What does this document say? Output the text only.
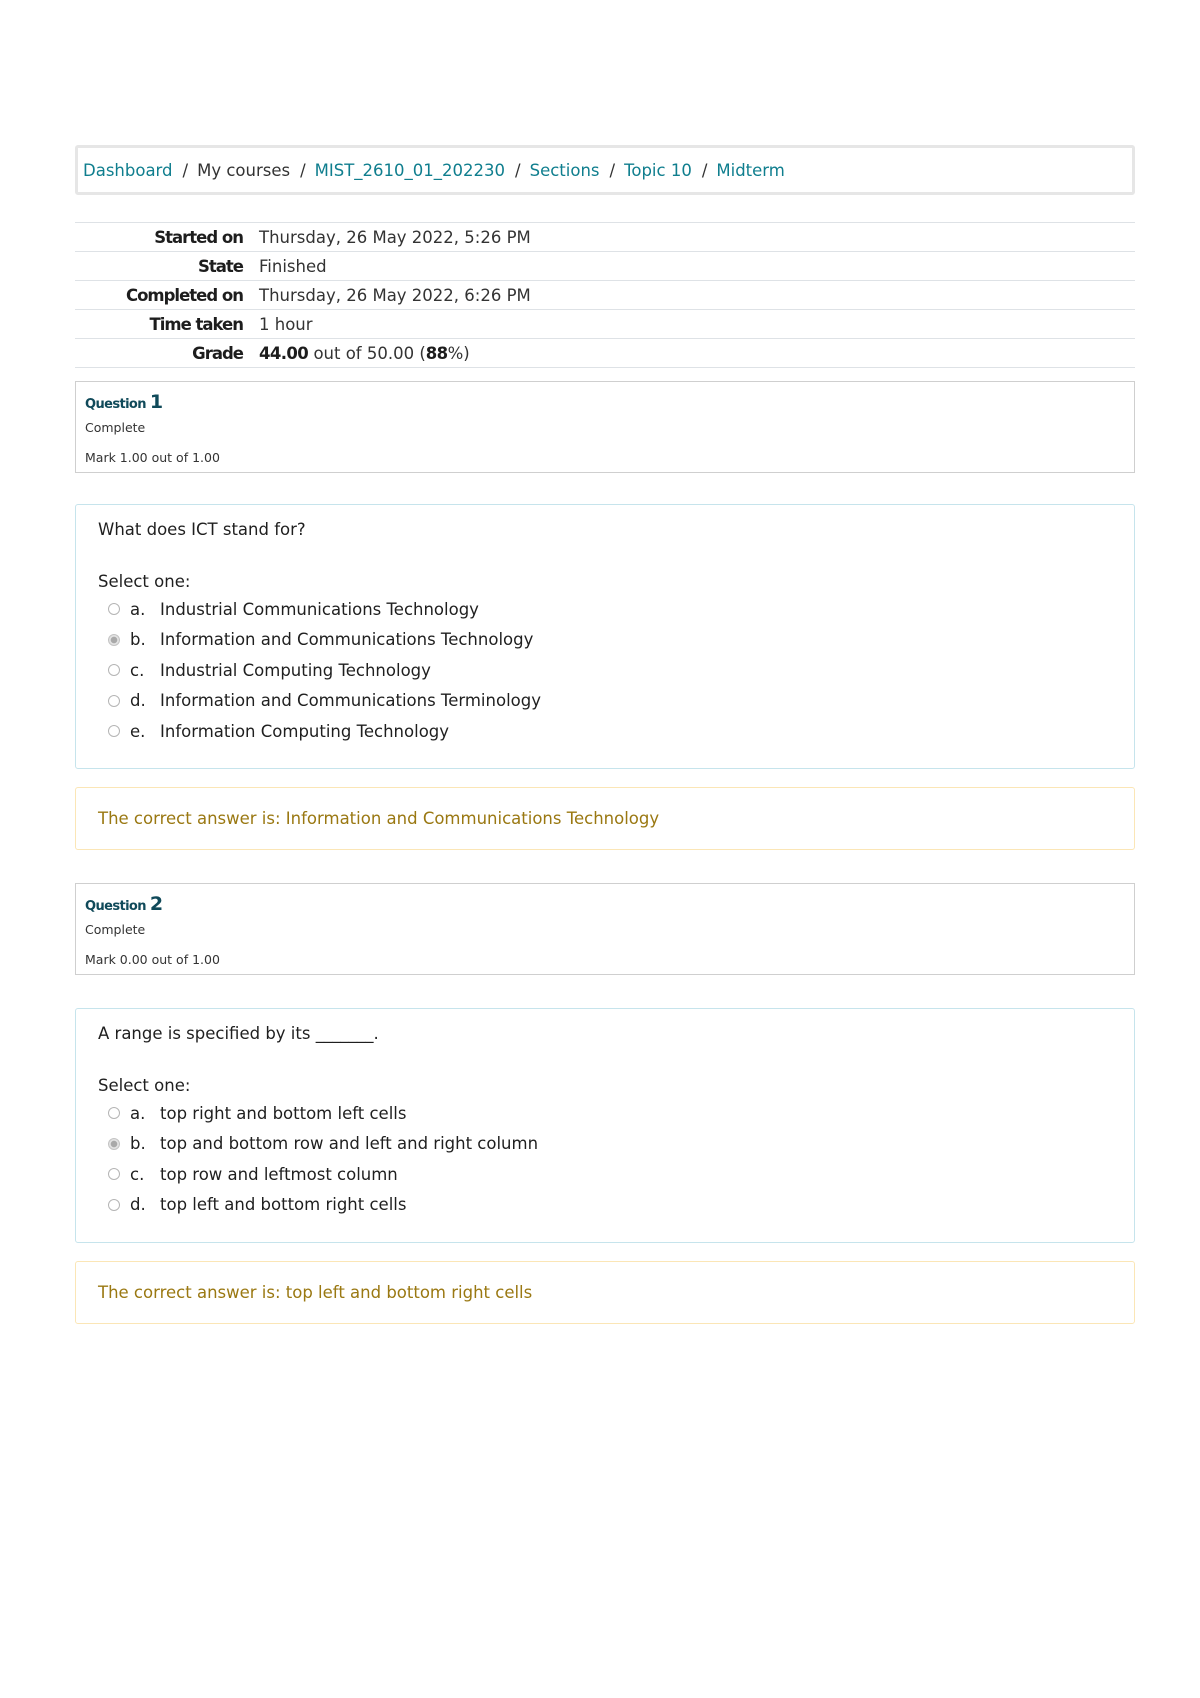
Dashboard / My courses / MIST_2610_01_202230 / Sections / Topic 10 / Midterm
Started on	Thursday, 26 May 2022, 5:26 PM
State	Finished
Completed on	Thursday, 26 May 2022, 6:26 PM
Time taken	1 hour
Grade	44.00 out of 50.00 (88%)
Question 1
Complete
Mark 1.00 out of 1.00
What does ICT stand for?
Select one:
a. Industrial Communications Technology
b. Information and Communications Technology
c. Industrial Computing Technology
d. Information and Communications Terminology
e. Information Computing Technology
The correct answer is: Information and Communications Technology
Question 2
Complete
Mark 0.00 out of 1.00
A range is specified by its _______.
Select one:
a. top right and bottom left cells
b. top and bottom row and left and right column
c. top row and leftmost column
d. top left and bottom right cells
The correct answer is: top left and bottom right cells
